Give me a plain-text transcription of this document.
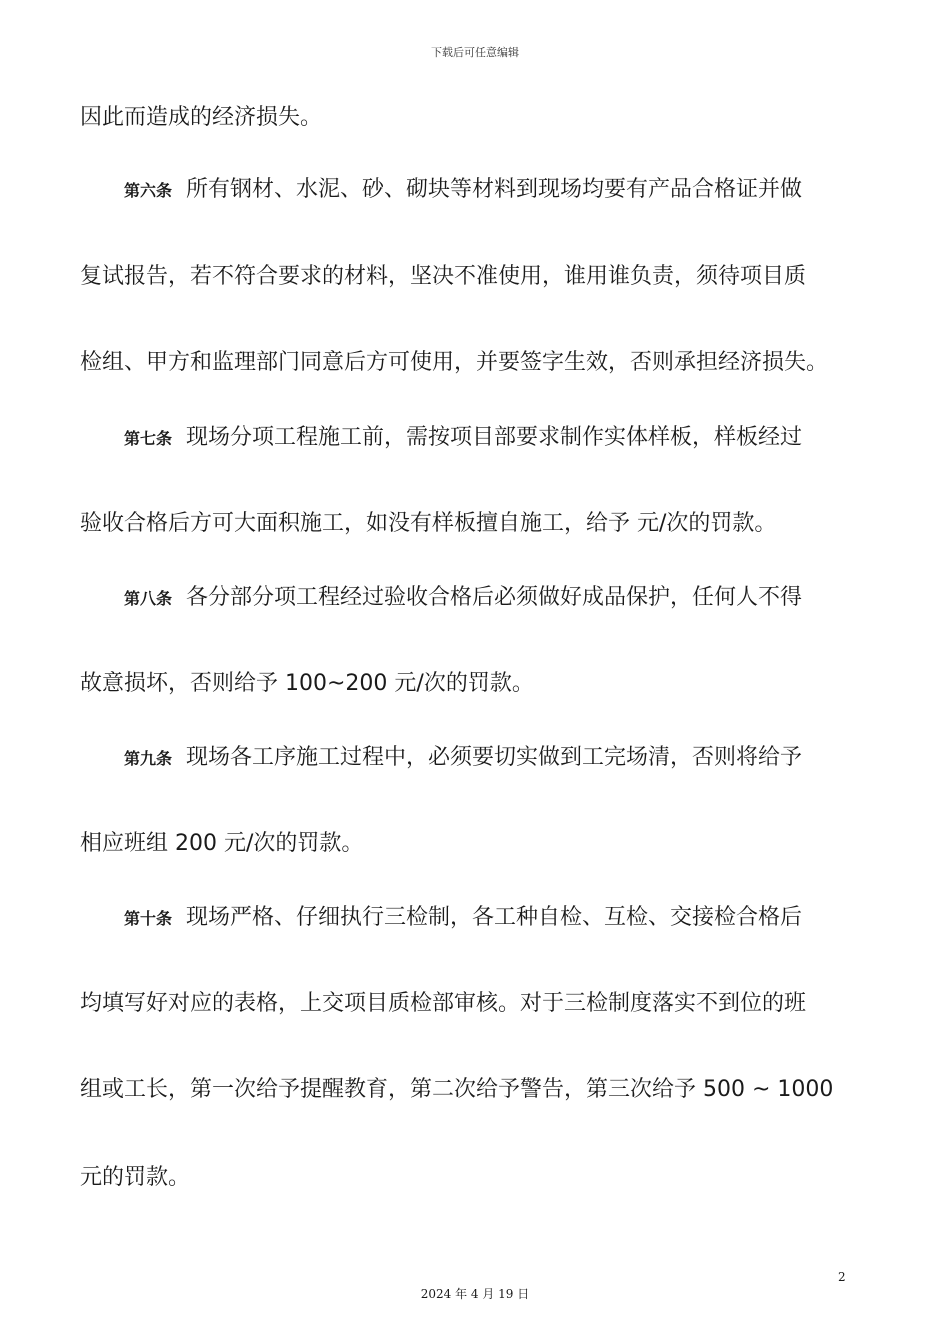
下载后可任意编辑
因此而造成的经济损失。
第六条 所有钢材、水泥、砂、砌块等材料到现场均要有产品合格证并做
复试报告，若不符合要求的材料，坚决不准使用，谁用谁负责，须待项目质
检组、甲方和监理部门同意后方可使用，并要签字生效，否则承担经济损失。
第七条 现场分项工程施工前，需按项目部要求制作实体样板，样板经过
验收合格后方可大面积施工，如没有样板擅自施工，给予 元/次的罚款。
第八条 各分部分项工程经过验收合格后必须做好成品保护，任何人不得
故意损坏，否则给予 100~200 元/次的罚款。
第九条 现场各工序施工过程中，必须要切实做到工完场清，否则将给予
相应班组 200 元/次的罚款。
第十条 现场严格、仔细执行三检制，各工种自检、互检、交接检合格后
均填写好对应的表格，上交项目质检部审核。对于三检制度落实不到位的班
组或工长，第一次给予提醒教育，第二次给予警告，第三次给予 500 ~ 1000
元的罚款。
2
2024 年 4 月 19 日
